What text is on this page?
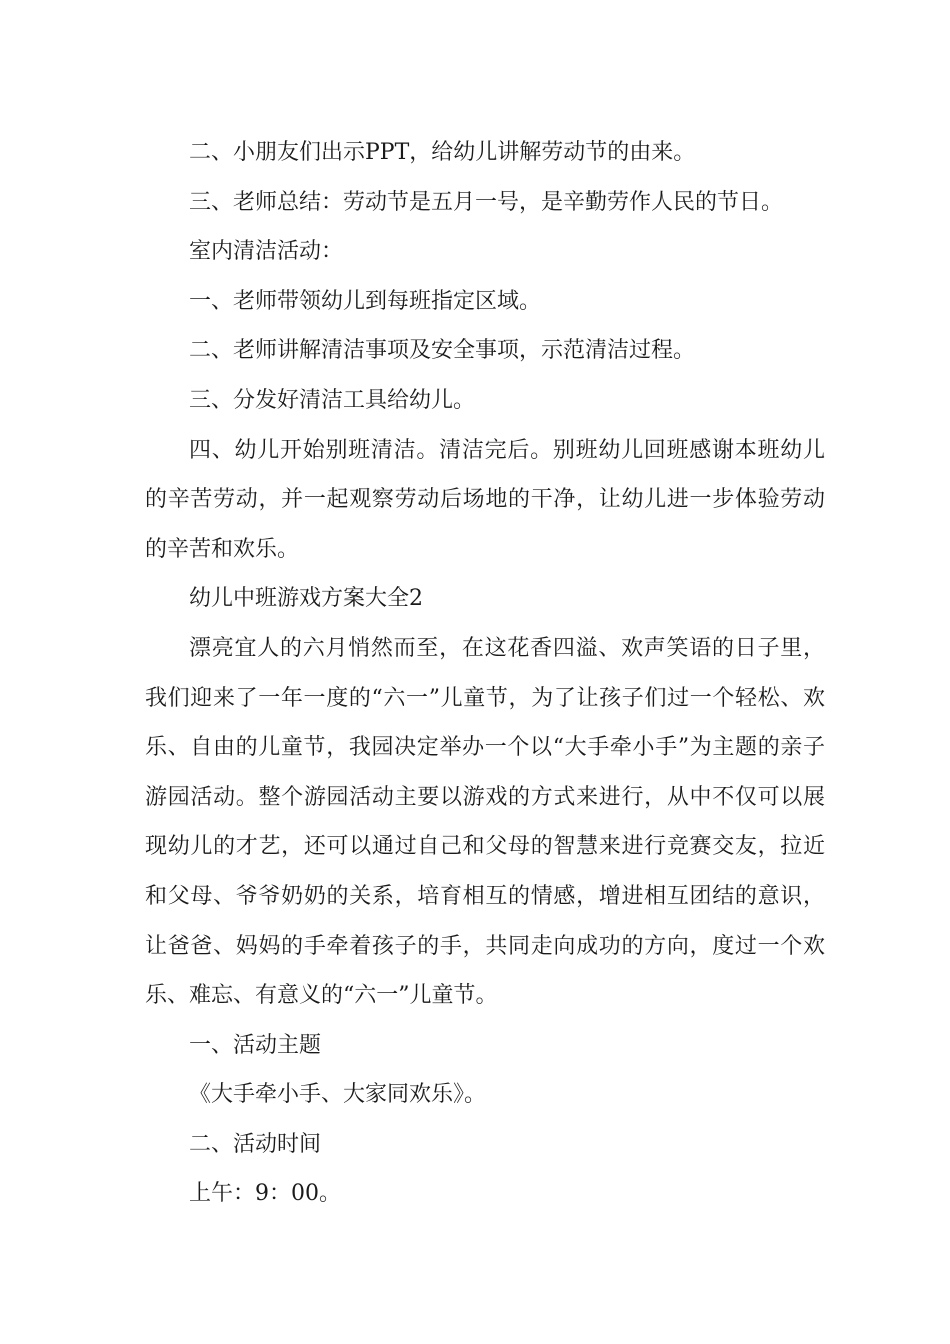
二、小朋友们出示PPT，给幼儿讲解劳动节的由来。

三、老师总结：劳动节是五月一号，是辛勤劳作人民的节日。

室内清洁活动：

一、老师带领幼儿到每班指定区域。

二、老师讲解清洁事项及安全事项，示范清洁过程。

三、分发好清洁工具给幼儿。

四、幼儿开始别班清洁。清洁完后。别班幼儿回班感谢本班幼儿的辛苦劳动，并一起观察劳动后场地的干净，让幼儿进一步体验劳动的辛苦和欢乐。

幼儿中班游戏方案大全2

漂亮宜人的六月悄然而至，在这花香四溢、欢声笑语的日子里，我们迎来了一年一度的“六一”儿童节，为了让孩子们过一个轻松、欢乐、自由的儿童节，我园决定举办一个以“大手牵小手”为主题的亲子游园活动。整个游园活动主要以游戏的方式来进行，从中不仅可以展现幼儿的才艺，还可以通过自己和父母的智慧来进行竞赛交友，拉近和父母、爷爷奶奶的关系，培育相互的情感，增进相互团结的意识，让爸爸、妈妈的手牵着孩子的手，共同走向成功的方向，度过一个欢乐、难忘、有意义的“六一”儿童节。

一、活动主题

《大手牵小手、大家同欢乐》。

二、活动时间

上午：9：00。
